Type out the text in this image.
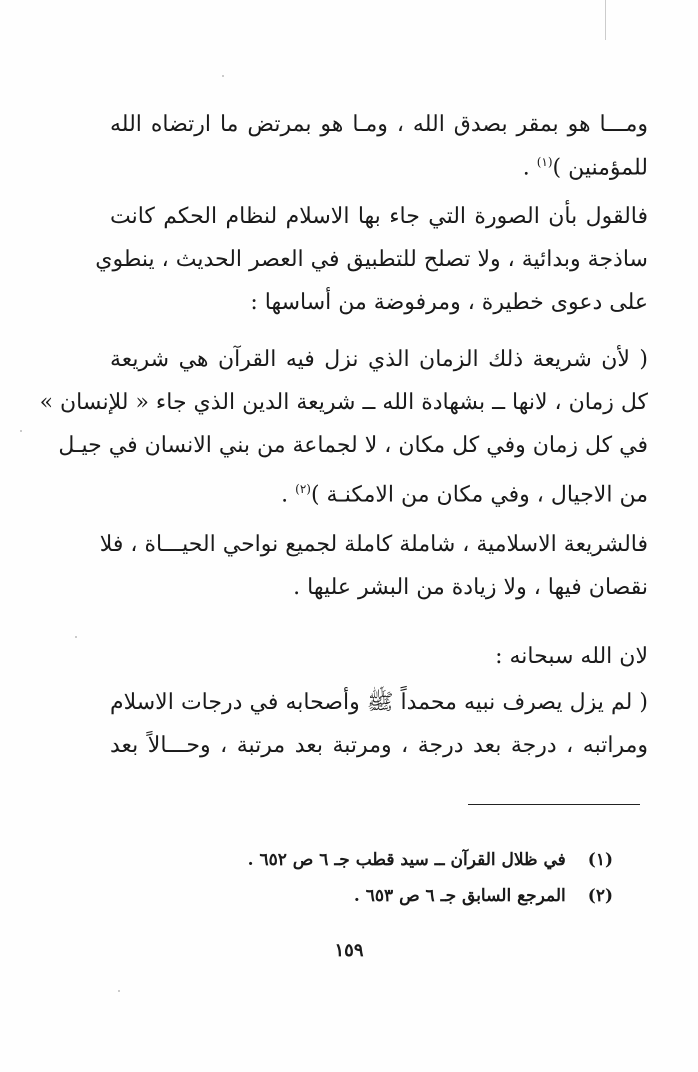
ومـــا هو بمقر بصدق الله ، ومـا هو بمرتض ما ارتضاه الله
للمؤمنين )$^{(١)}$ .
فالقول بأن الصورة التي جاء بها الاسلام لنظام الحكم كانت
ساذجة وبدائية ، ولا تصلح للتطبيق في العصر الحديث ، ينطوي
على دعوى خطيرة ، ومرفوضة من أساسها :
( لأن شريعة ذلك الزمان الذي نزل فيه القرآن هي شريعة
كل زمان ، لانها ــ بشهادة الله ــ شريعة الدين الذي جاء « للإنسان »
في كل زمان وفي كل مكان ، لا لجماعة من بني الانسان في جيـل
من الاجيال ، وفي مكان من الامكنـة )$^{(٢)}$ .
فالشريعة الاسلامية ، شاملة كاملة لجميع نواحي الحيـــاة ، فلا
نقصان فيها ، ولا زيادة من البشر عليها .
لان الله سبحانه :
( لم يزل يصرف نبيه محمداً ﷺ وأصحابه في درجات الاسلام
ومراتبه ، درجة بعد درجة ، ومرتبة بعد مرتبة ، وحـــالاً بعد
(١)في ظلال القرآن ــ سيد قطب جـ ٦ ص ٦٥٢ .
(٢)المرجع السابق جـ ٦ ص ٦٥٣ .
١٥٩
